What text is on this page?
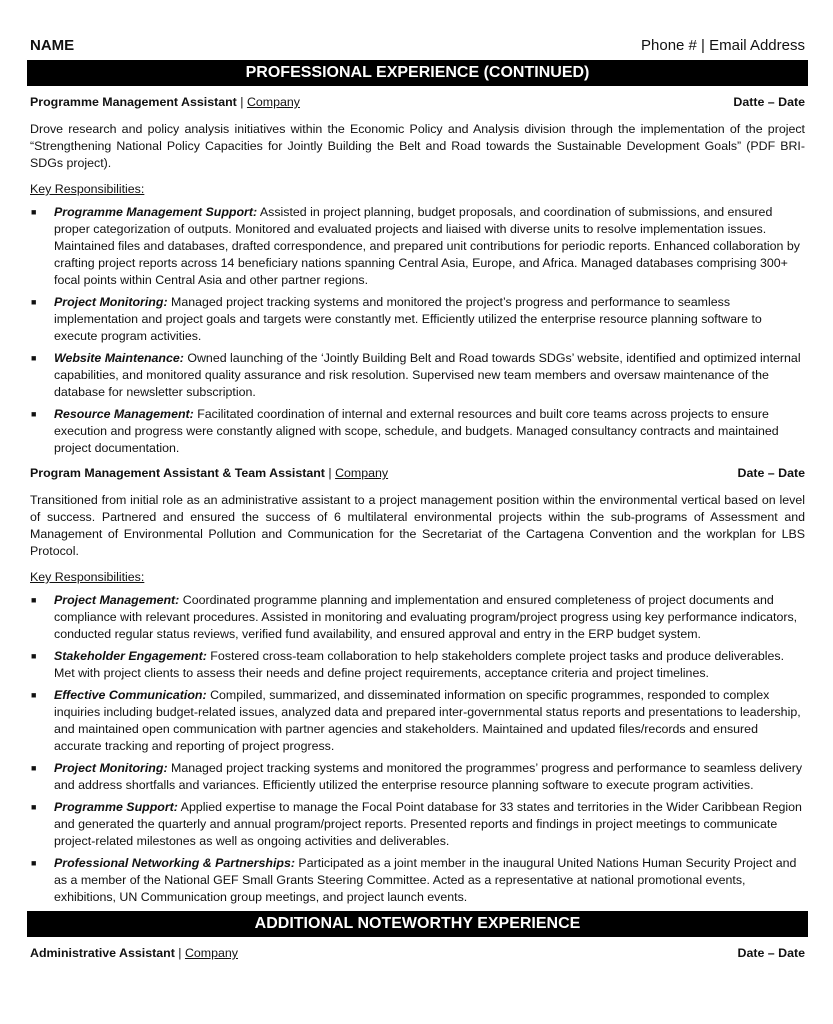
NAME	Phone # | Email Address
PROFESSIONAL EXPERIENCE (CONTINUED)
Programme Management Assistant | Company	Datte – Date
Drove research and policy analysis initiatives within the Economic Policy and Analysis division through the implementation of the project “Strengthening National Policy Capacities for Jointly Building the Belt and Road towards the Sustainable Development Goals” (PDF BRI-SDGs project).
Key Responsibilities:
■ Programme Management Support: Assisted in project planning, budget proposals, and coordination of submissions, and ensured proper categorization of outputs. Monitored and evaluated projects and liaised with diverse units to resolve implementation issues. Maintained files and databases, drafted correspondence, and prepared unit contributions for periodic reports. Enhanced collaboration by crafting project reports across 14 beneficiary nations spanning Central Asia, Europe, and Africa. Managed databases comprising 300+ focal points within Central Asia and other partner regions.
■ Project Monitoring: Managed project tracking systems and monitored the project’s progress and performance to seamless implementation and project goals and targets were constantly met. Efficiently utilized the enterprise resource planning software to execute program activities.
■ Website Maintenance: Owned launching of the ‘Jointly Building Belt and Road towards SDGs’ website, identified and optimized internal capabilities, and monitored quality assurance and risk resolution. Supervised new team members and oversaw maintenance of the database for newsletter subscription.
■ Resource Management: Facilitated coordination of internal and external resources and built core teams across projects to ensure execution and progress were constantly aligned with scope, schedule, and budgets. Managed consultancy contracts and maintained project documentation.
Program Management Assistant & Team Assistant | Company	Date – Date
Transitioned from initial role as an administrative assistant to a project management position within the environmental vertical based on level of success. Partnered and ensured the success of 6 multilateral environmental projects within the sub-programs of Assessment and Management of Environmental Pollution and Communication for the Secretariat of the Cartagena Convention and the workplan for LBS Protocol.
Key Responsibilities:
■ Project Management: Coordinated programme planning and implementation and ensured completeness of project documents and compliance with relevant procedures. Assisted in monitoring and evaluating program/project progress using key performance indicators, conducted regular status reviews, verified fund availability, and ensured approval and entry in the ERP budget system.
■ Stakeholder Engagement: Fostered cross-team collaboration to help stakeholders complete project tasks and produce deliverables. Met with project clients to assess their needs and define project requirements, acceptance criteria and project timelines.
■ Effective Communication: Compiled, summarized, and disseminated information on specific programmes, responded to complex inquiries including budget-related issues, analyzed data and prepared inter-governmental status reports and presentations to leadership, and maintained open communication with partner agencies and stakeholders. Maintained and updated files/records and ensured accurate tracking and reporting of project progress.
■ Project Monitoring: Managed project tracking systems and monitored the programmes’ progress and performance to seamless delivery and address shortfalls and variances. Efficiently utilized the enterprise resource planning software to execute program activities.
■ Programme Support: Applied expertise to manage the Focal Point database for 33 states and territories in the Wider Caribbean Region and generated the quarterly and annual program/project reports. Presented reports and findings in project meetings to communicate project-related milestones as well as ongoing activities and deliverables.
■ Professional Networking & Partnerships: Participated as a joint member in the inaugural United Nations Human Security Project and as a member of the National GEF Small Grants Steering Committee. Acted as a representative at national promotional events, exhibitions, UN Communication group meetings, and project launch events.
ADDITIONAL NOTEWORTHY EXPERIENCE
Administrative Assistant | Company	Date – Date
